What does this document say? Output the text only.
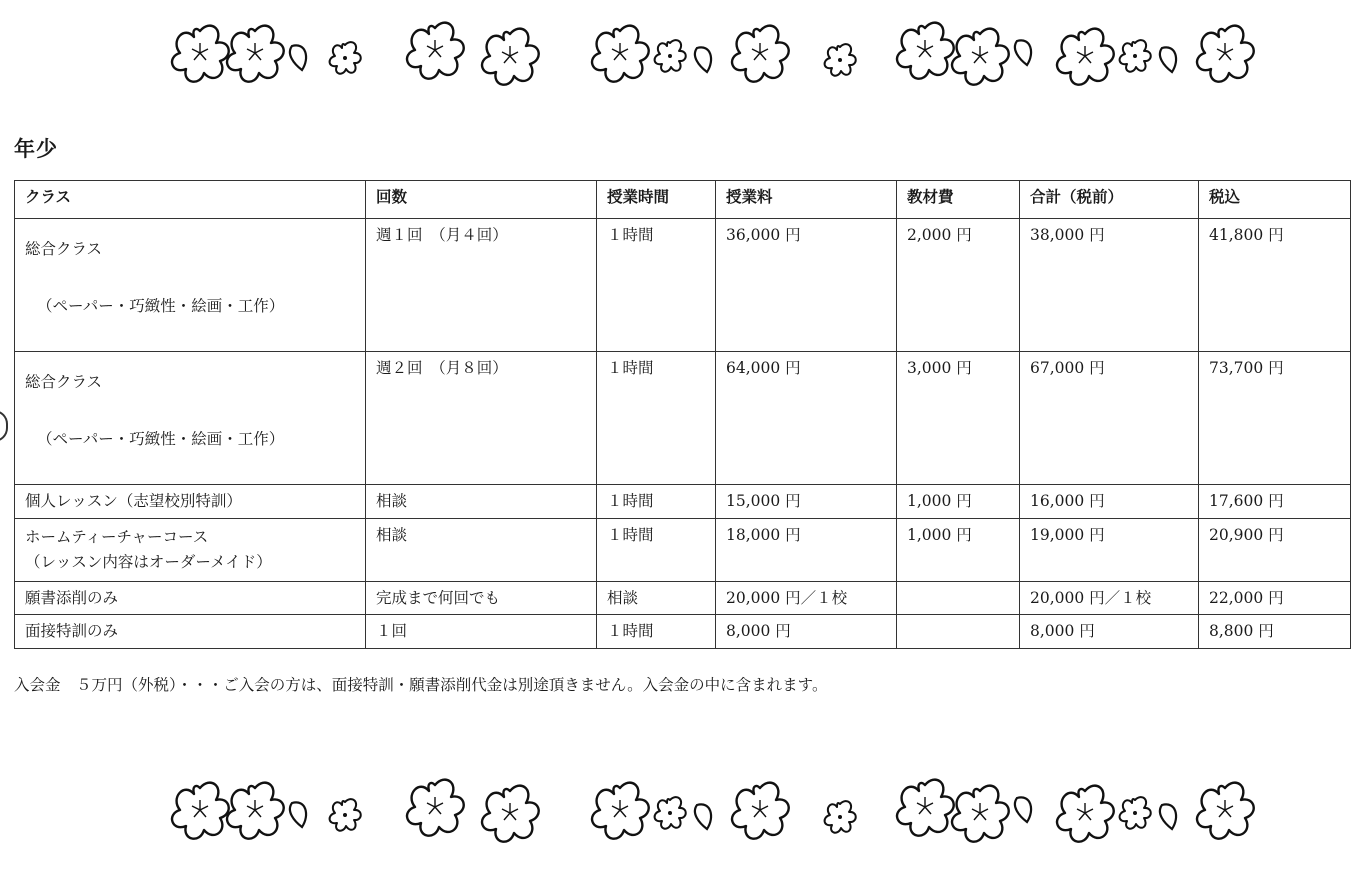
年少
クラス	回数	授業時間	授業料	教材費	合計（税前）	税込

総合クラス
（ペーパー・巧緻性・絵画・工作）	週１回　（月４回）	１時間	36,000 円	2,000 円	38,000 円	41,800 円

総合クラス
（ペーパー・巧緻性・絵画・工作）	週２回　（月８回）	１時間	64,000 円	3,000 円	67,000 円	73,700 円
個人レッスン（志望校別特訓）	相談	１時間	15,000 円	1,000 円	16,000 円	17,600 円

ホームティーチャーコース
（レッスン内容はオーダーメイド）	相談	１時間	18,000 円	1,000 円	19,000 円	20,900 円
願書添削のみ	完成まで何回でも	相談	20,000 円／１校		20,000 円／１校	22,000 円
面接特訓のみ	１回	１時間	8,000 円		8,000 円	8,800 円
入会金　５万円（外税）・・・ご入会の方は、面接特訓・願書添削代金は別途頂きません。入会金の中に含まれます。
